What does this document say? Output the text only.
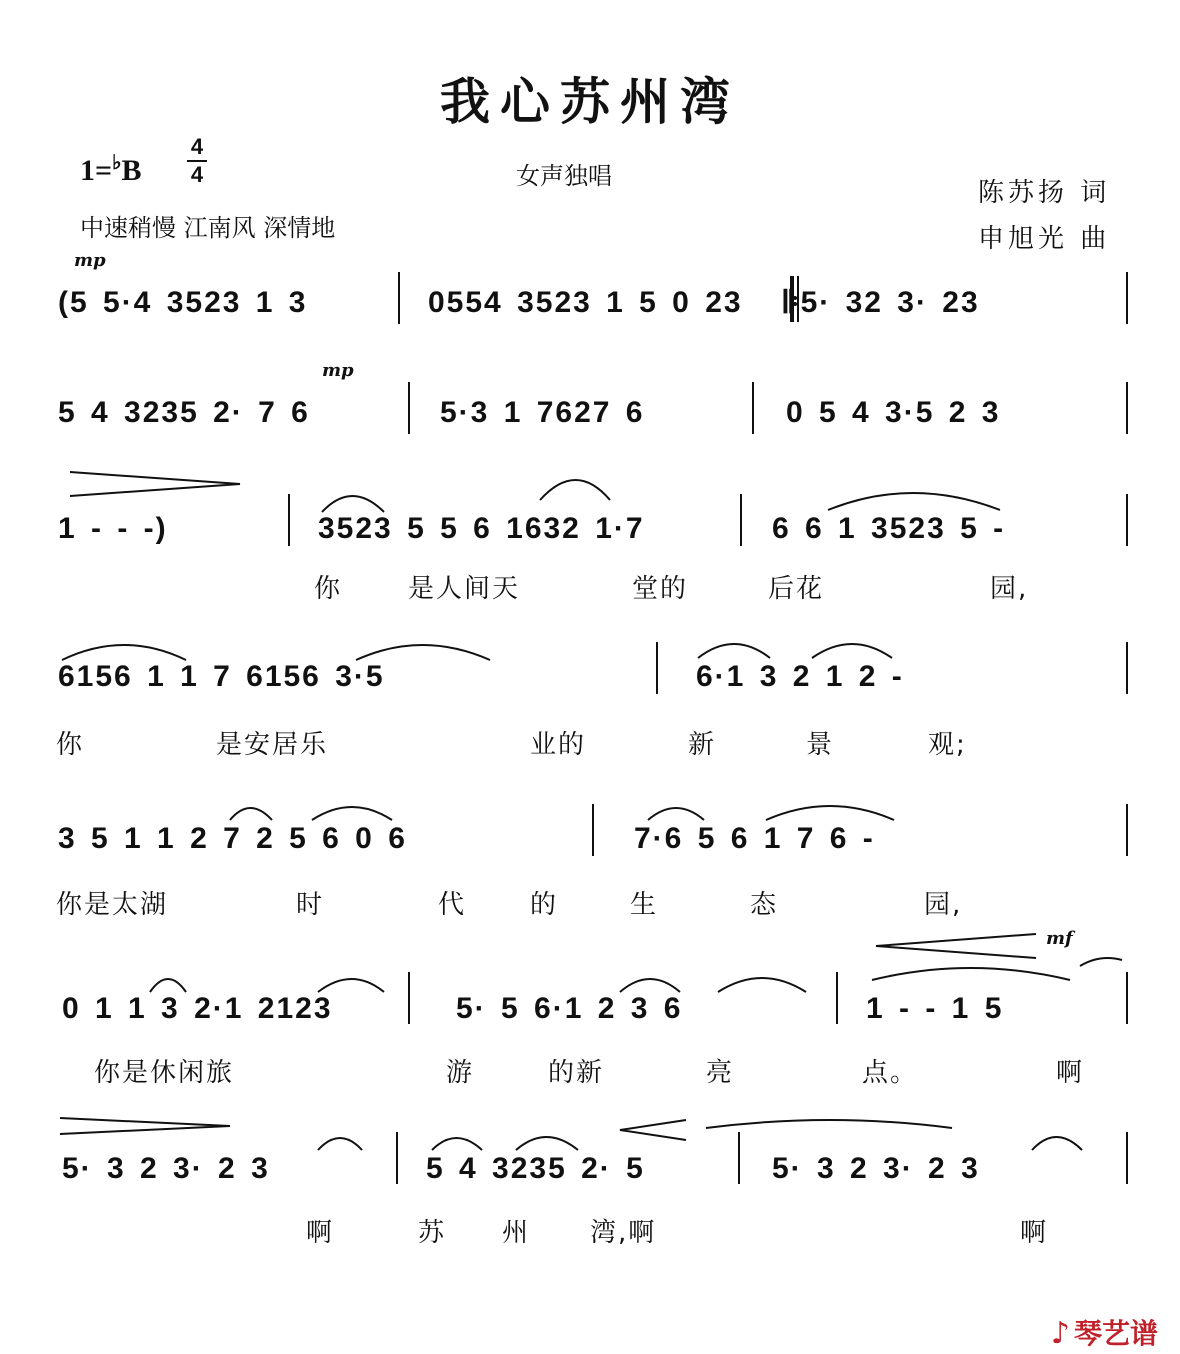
我心苏州湾
1=♭B
4
4	女声独唱
中速稍慢 江南风 深情地
陈苏扬 词
申旭光 曲
mp
mp
mf
(5 5·4 3523 1 3	0554 3523 1 5 0 23 𝄆5· 32 3· 23
5 4 3235 2· 7 6	5·3 1 7627 6	0 5 4 3·5 2 3
1 - - -)	3523 5 5 6 1632 1·7	6 6 1 3523 5 -
你	是人间天	堂的	后花	园,
6156 1 1 7 6156 3·5	6·1 3 2 1 2 -
你	是安居乐	业的	新	景	观;
3 5 1 1 2 7 2 5 6 0 6	7·6 5 6 1 7 6 -
你是太湖	时	代 的	生	态	园,
0 1 1 3 2·1 2123	5· 5 6·1 2 3 6	1 - - 1 5
你是休闲旅	游	的新	亮	点。	啊
5· 3 2 3· 2 3	5 4 3235 2· 5	5· 3 2 3· 2 3
啊	苏 州 湾,啊	啊
♪ 琴艺谱
